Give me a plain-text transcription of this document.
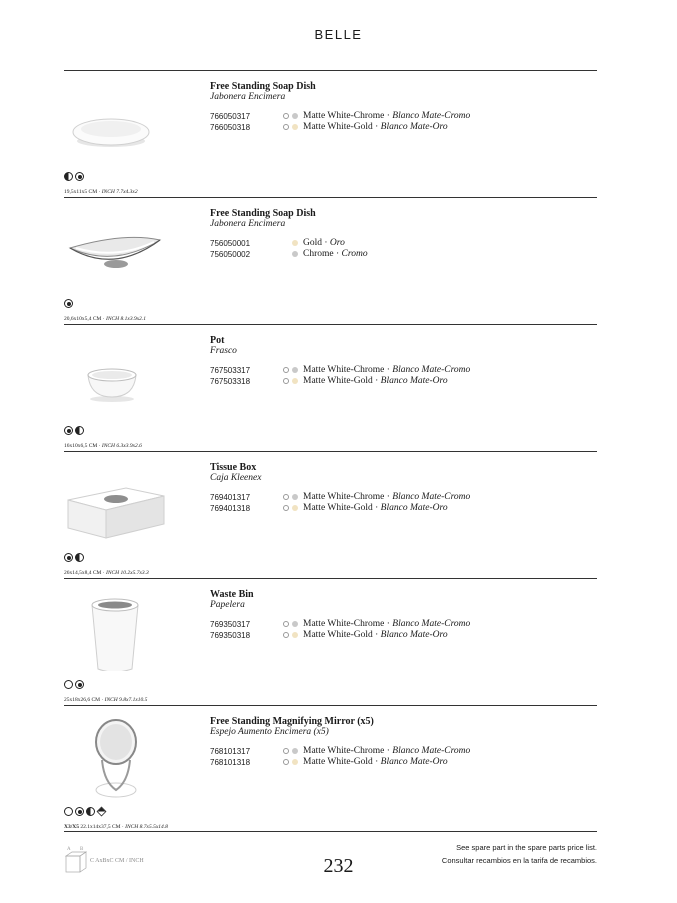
BELLE
19,5x11x5 CM · INCH 7.7x4.3x2
Free Standing Soap Dish
Jabonera Encimera
766050317	Matte White-Chrome · Blanco Mate-Cromo
766050318	Matte White-Gold · Blanco Mate-Oro
20,6x10x5,4 CM · INCH 8.1x3.9x2.1
Free Standing Soap Dish
Jabonera Encimera
756050001	Gold · Oro
756050002	Chrome · Cromo
16x10x6,5 CM · INCH 6.3x3.9x2.6
Pot
Frasco
767503317	Matte White-Chrome · Blanco Mate-Cromo
767503318	Matte White-Gold · Blanco Mate-Oro
26x14,5x8,4 CM · INCH 10.2x5.7x3.3
Tissue Box
Caja Kleenex
769401317	Matte White-Chrome · Blanco Mate-Cromo
769401318	Matte White-Gold · Blanco Mate-Oro
25x18x26,6 CM · INCH 9.8x7.1x10.5
Waste Bin
Papelera
769350317	Matte White-Chrome · Blanco Mate-Cromo
769350318	Matte White-Gold · Blanco Mate-Oro
X3/X5 22.1x14x37,5 CM · INCH 8.7x5.5x14.8
Free Standing Magnifying Mirror (x5)
Espejo Aumento Encimera (x5)
768101317	Matte White-Chrome · Blanco Mate-Cromo
768101318	Matte White-Gold · Blanco Mate-Oro
A B
C AxBxC CM / INCH	232
See spare part in the spare parts price list.
Consultar recambios en la tarifa de recambios.
